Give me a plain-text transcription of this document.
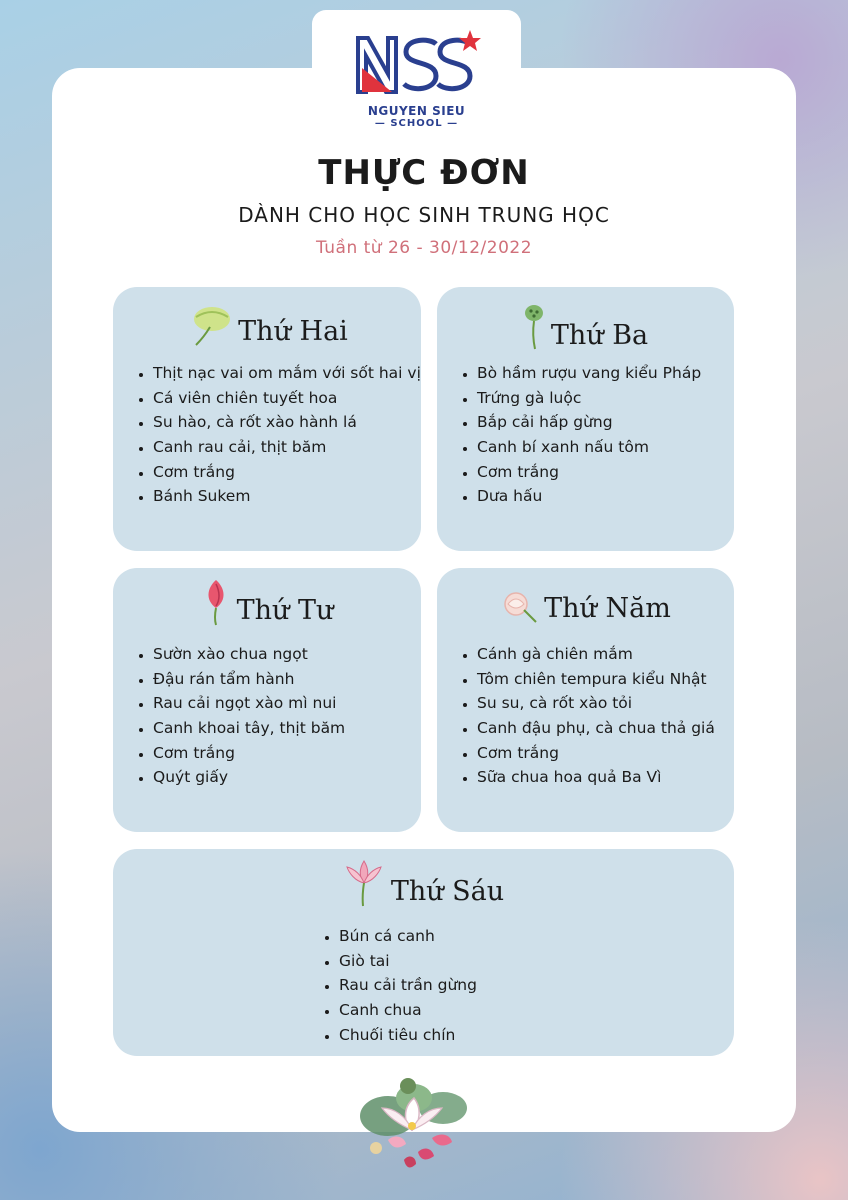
NGUYEN SIEU
— SCHOOL —
THỰC ĐƠN
DÀNH CHO HỌC SINH TRUNG HỌC
Tuần từ 26 - 30/12/2022
Thứ Hai
• Thịt nạc vai om mắm với sốt hai vị
• Cá viên chiên tuyết hoa
• Su hào, cà rốt xào hành lá
• Canh rau cải, thịt băm
• Cơm trắng
• Bánh Sukem
Thứ Ba
• Bò hầm rượu vang kiểu Pháp
• Trứng gà luộc
• Bắp cải hấp gừng
• Canh bí xanh nấu tôm
• Cơm trắng
• Dưa hấu
Thứ Tư
• Sườn xào chua ngọt
• Đậu rán tẩm hành
• Rau cải ngọt xào mì nui
• Canh khoai tây, thịt băm
• Cơm trắng
• Quýt giấy
Thứ Năm
• Cánh gà chiên mắm
• Tôm chiên tempura kiểu Nhật
• Su su, cà rốt xào tỏi
• Canh đậu phụ, cà chua thả giá
• Cơm trắng
• Sữa chua hoa quả Ba Vì
Thứ Sáu
• Bún cá canh
• Giò tai
• Rau cải trần gừng
• Canh chua
• Chuối tiêu chín
